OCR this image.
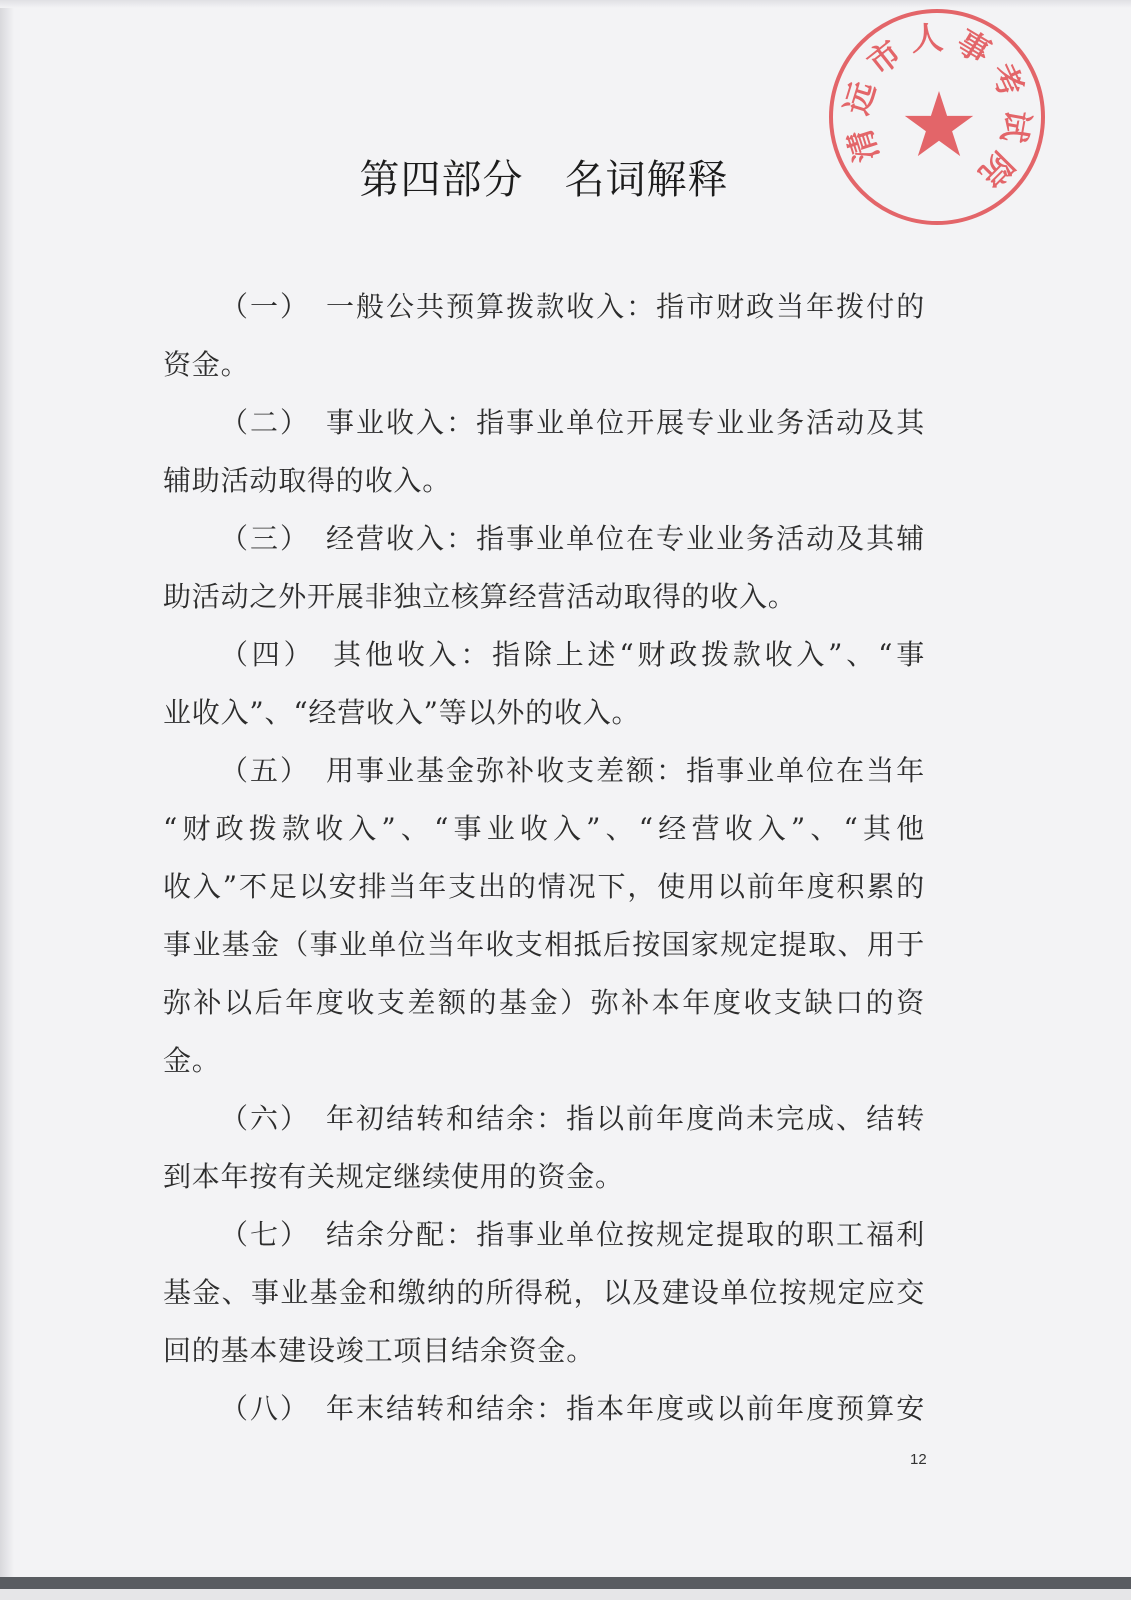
第四部分　名词解释
清远市人事考试院
（一）　一般公共预算拨款收入：指市财政当年拨付的
资金。
（二）　事业收入：指事业单位开展专业业务活动及其
辅助活动取得的收入。
（三）　经营收入：指事业单位在专业业务活动及其辅
助活动之外开展非独立核算经营活动取得的收入。
（四）　其他收入：指除上述“财政拨款收入”、“事
业收入”、“经营收入”等以外的收入。
（五）　用事业基金弥补收支差额：指事业单位在当年
“财政拨款收入”、“事业收入”、“经营收入”、“其他
收入”不足以安排当年支出的情况下，使用以前年度积累的
事业基金（事业单位当年收支相抵后按国家规定提取、用于
弥补以后年度收支差额的基金）弥补本年度收支缺口的资
金。
（六）　年初结转和结余：指以前年度尚未完成、结转
到本年按有关规定继续使用的资金。
（七）　结余分配：指事业单位按规定提取的职工福利
基金、事业基金和缴纳的所得税，以及建设单位按规定应交
回的基本建设竣工项目结余资金。
（八）　年末结转和结余：指本年度或以前年度预算安
12
